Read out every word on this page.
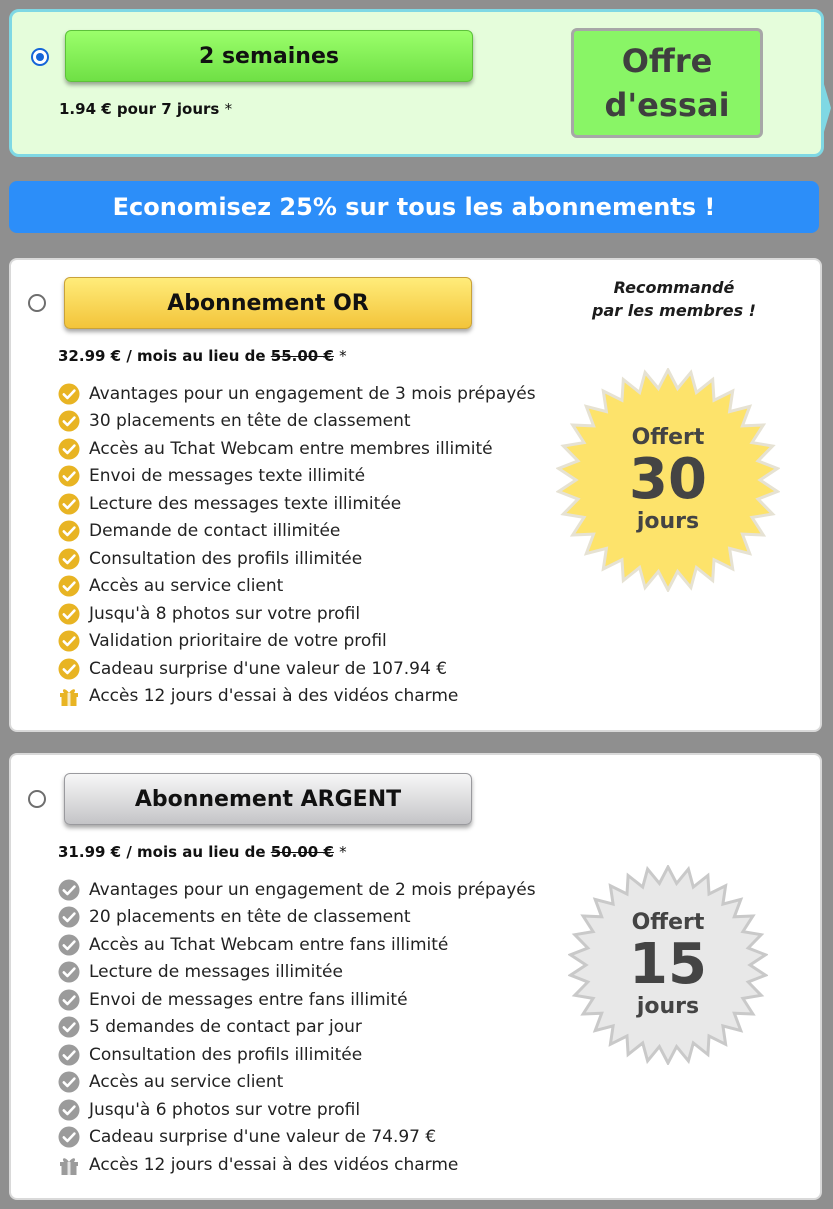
2 semaines
1.94 € pour 7 jours *
Offre
d'essai
Economisez 25% sur tous les abonnements !
Abonnement OR
32.99 € / mois au lieu de 55.00 € *
Recommandé
par les membres !
Avantages pour un engagement de 3 mois prépayés
30 placements en tête de classement
Accès au Tchat Webcam entre membres illimité
Envoi de messages texte illimité
Lecture des messages texte illimitée
Demande de contact illimitée
Consultation des profils illimitée
Accès au service client
Jusqu'à 8 photos sur votre profil
Validation prioritaire de votre profil
Cadeau surprise d'une valeur de 107.94 €
Accès 12 jours d'essai à des vidéos charme
Offert
30
jours
Abonnement ARGENT
31.99 € / mois au lieu de 50.00 € *
Avantages pour un engagement de 2 mois prépayés
20 placements en tête de classement
Accès au Tchat Webcam entre fans illimité
Lecture de messages illimitée
Envoi de messages entre fans illimité
5 demandes de contact par jour
Consultation des profils illimitée
Accès au service client
Jusqu'à 6 photos sur votre profil
Cadeau surprise d'une valeur de 74.97 €
Accès 12 jours d'essai à des vidéos charme
Offert
15
jours
